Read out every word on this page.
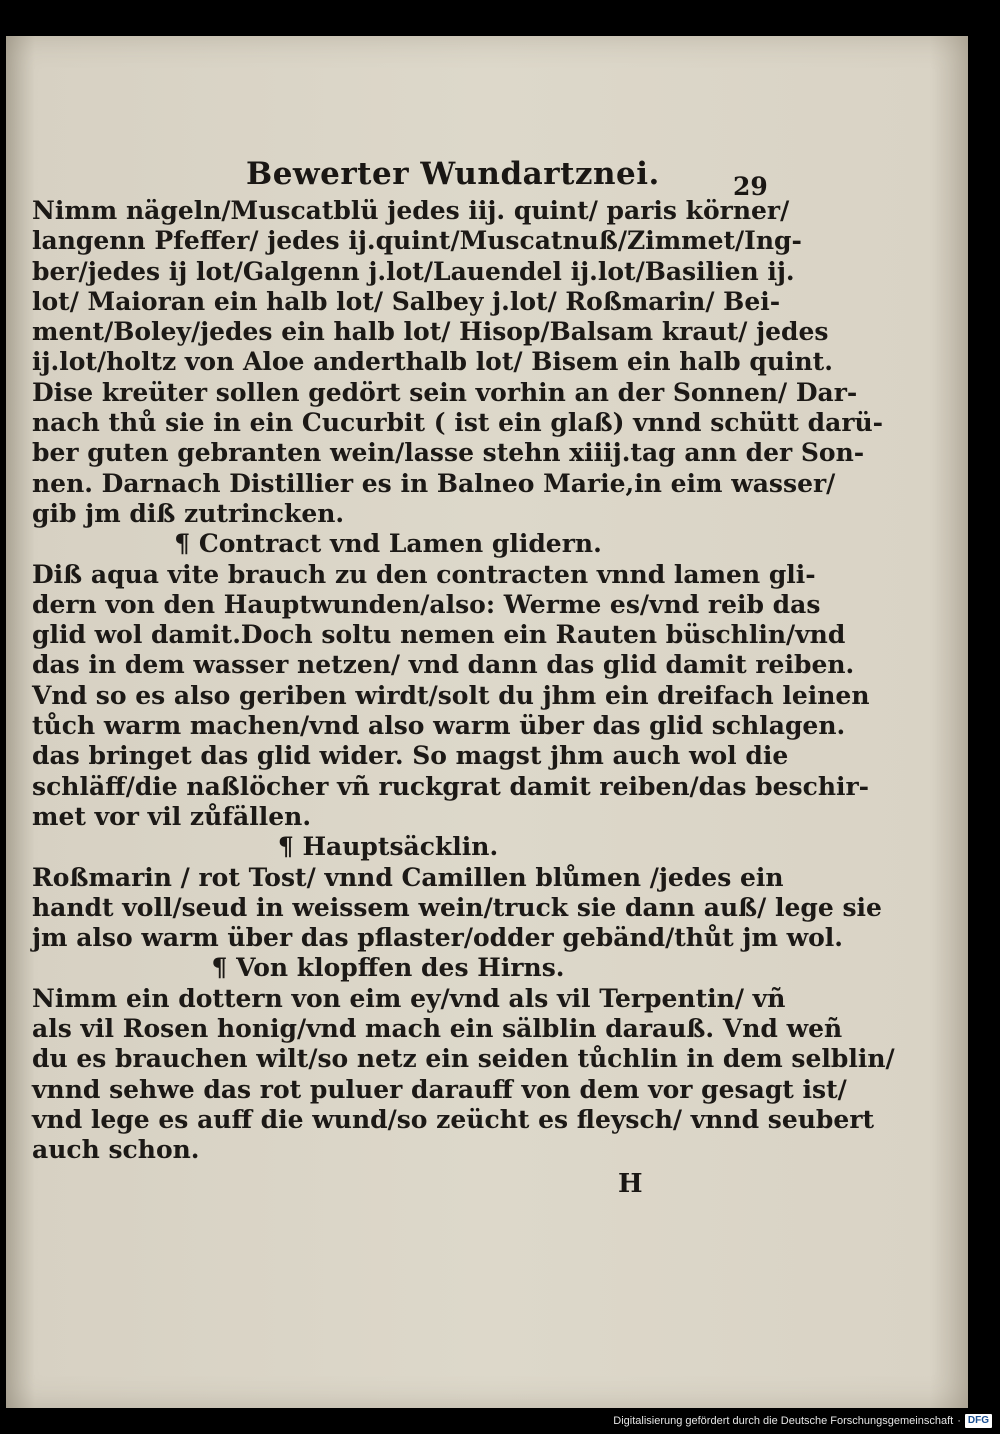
Bewerter Wundartznei.	29
Nimm nägeln/Muscatblü jedes iij. quint/ paris körner/
langenn Pfeffer/ jedes ij.quint/Muscatnuß/Zimmet/Ing-
ber/jedes ij lot/Galgenn j.lot/Lauendel ij.lot/Basilien ij.
lot/ Maioran ein halb lot/ Salbey j.lot/ Roßmarin/ Bei-
ment/Boley/jedes ein halb lot/ Hisop/Balsam kraut/ jedes
ij.lot/holtz von Aloe anderthalb lot/ Bisem ein halb quint.
Dise kreüter sollen gedört sein vorhin an der Sonnen/ Dar-
nach thů sie in ein Cucurbit ( ist ein glaß) vnnd schütt darü-
ber guten gebranten wein/lasse stehn xiiij.tag ann der Son-
nen. Darnach Distillier es in Balneo Marie,in eim wasser/
gib jm diß zutrincken.
¶ Contract vnd Lamen glidern.
Diß aqua vite brauch zu den contracten vnnd lamen gli-
dern von den Hauptwunden/also: Werme es/vnd reib das
glid wol damit.Doch soltu nemen ein Rauten büschlin/vnd
das in dem wasser netzen/ vnd dann das glid damit reiben.
Vnd so es also geriben wirdt/solt du jhm ein dreifach leinen
tůch warm machen/vnd also warm über das glid schlagen.
das bringet das glid wider. So magst jhm auch wol die
schläff/die naßlöcher vñ ruckgrat damit reiben/das beschir-
met vor vil zůfällen.
¶ Hauptsäcklin.
Roßmarin / rot Tost/ vnnd Camillen blůmen /jedes ein
handt voll/seud in weissem wein/truck sie dann auß/ lege sie
jm also warm über das pflaster/odder gebänd/thůt jm wol.
¶ Von klopffen des Hirns.
Nimm ein dottern von eim ey/vnd als vil Terpentin/ vñ
als vil Rosen honig/vnd mach ein sälblin darauß. Vnd weñ
du es brauchen wilt/so netz ein seiden tůchlin in dem selblin/
vnnd sehwe das rot puluer darauff von dem vor gesagt ist/
vnd lege es auff die wund/so zeücht es fleysch/ vnnd seubert
auch schon.
H
Digitalisierung gefördert durch die Deutsche Forschungsgemeinschaft · DFG
